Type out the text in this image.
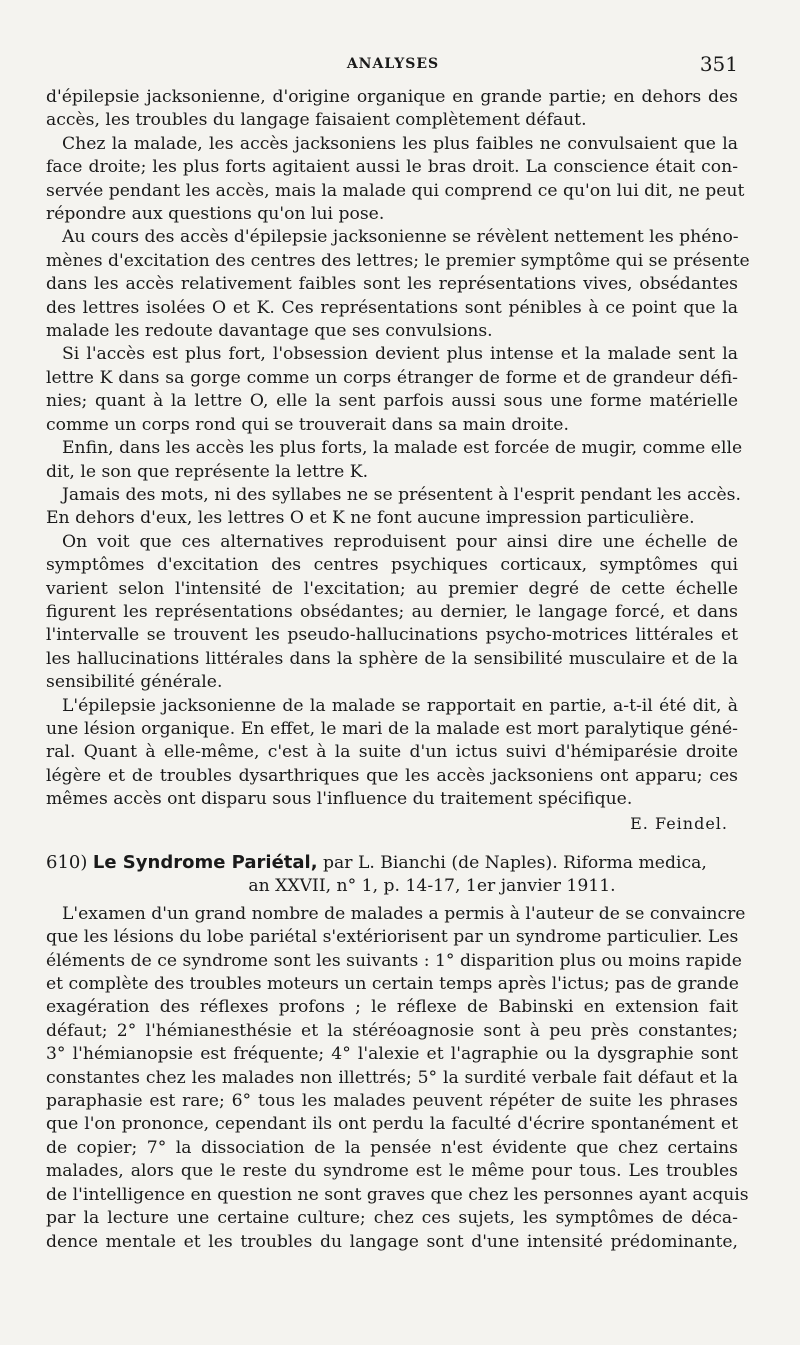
ANALYSES	351
d'épilepsie jacksonienne, d'origine organique en grande partie; en dehors des
accès, les troubles du langage faisaient complètement défaut.
Chez la malade, les accès jacksoniens les plus faibles ne convulsaient que la
face droite; les plus forts agitaient aussi le bras droit. La conscience était con-
servée pendant les accès, mais la malade qui comprend ce qu'on lui dit, ne peut
répondre aux questions qu'on lui pose.
Au cours des accès d'épilepsie jacksonienne se révèlent nettement les phéno-
mènes d'excitation des centres des lettres; le premier symptôme qui se présente
dans les accès relativement faibles sont les représentations vives, obsédantes
des lettres isolées O et K. Ces représentations sont pénibles à ce point que la
malade les redoute davantage que ses convulsions.
Si l'accès est plus fort, l'obsession devient plus intense et la malade sent la
lettre K dans sa gorge comme un corps étranger de forme et de grandeur défi-
nies; quant à la lettre O, elle la sent parfois aussi sous une forme matérielle
comme un corps rond qui se trouverait dans sa main droite.
Enfin, dans les accès les plus forts, la malade est forcée de mugir, comme elle
dit, le son que représente la lettre K.
Jamais des mots, ni des syllabes ne se présentent à l'esprit pendant les accès.
En dehors d'eux, les lettres O et K ne font aucune impression particulière.
On voit que ces alternatives reproduisent pour ainsi dire une échelle de
symptômes d'excitation des centres psychiques corticaux, symptômes qui
varient selon l'intensité de l'excitation; au premier degré de cette échelle
figurent les représentations obsédantes; au dernier, le langage forcé, et dans
l'intervalle se trouvent les pseudo-hallucinations psycho-motrices littérales et
les hallucinations littérales dans la sphère de la sensibilité musculaire et de la
sensibilité générale.
L'épilepsie jacksonienne de la malade se rapportait en partie, a-t-il été dit, à
une lésion organique. En effet, le mari de la malade est mort paralytique géné-
ral. Quant à elle-même, c'est à la suite d'un ictus suivi d'hémiparésie droite
légère et de troubles dysarthriques que les accès jacksoniens ont apparu; ces
mêmes accès ont disparu sous l'influence du traitement spécifique.
E. Feindel.
610) Le Syndrome Pariétal, par L. Bianchi (de Naples). Riforma medica,
an XXVII, n° 1, p. 14-17, 1er janvier 1911.
L'examen d'un grand nombre de malades a permis à l'auteur de se convaincre
que les lésions du lobe pariétal s'extériorisent par un syndrome particulier. Les
éléments de ce syndrome sont les suivants : 1° disparition plus ou moins rapide
et complète des troubles moteurs un certain temps après l'ictus; pas de grande
exagération des réflexes profons ; le réflexe de Babinski en extension fait
défaut; 2° l'hémianesthésie et la stéréoagnosie sont à peu près constantes;
3° l'hémianopsie est fréquente; 4° l'alexie et l'agraphie ou la dysgraphie sont
constantes chez les malades non illettrés; 5° la surdité verbale fait défaut et la
paraphasie est rare; 6° tous les malades peuvent répéter de suite les phrases
que l'on prononce, cependant ils ont perdu la faculté d'écrire spontanément et
de copier; 7° la dissociation de la pensée n'est évidente que chez certains
malades, alors que le reste du syndrome est le même pour tous. Les troubles
de l'intelligence en question ne sont graves que chez les personnes ayant acquis
par la lecture une certaine culture; chez ces sujets, les symptômes de déca-
dence mentale et les troubles du langage sont d'une intensité prédominante,
